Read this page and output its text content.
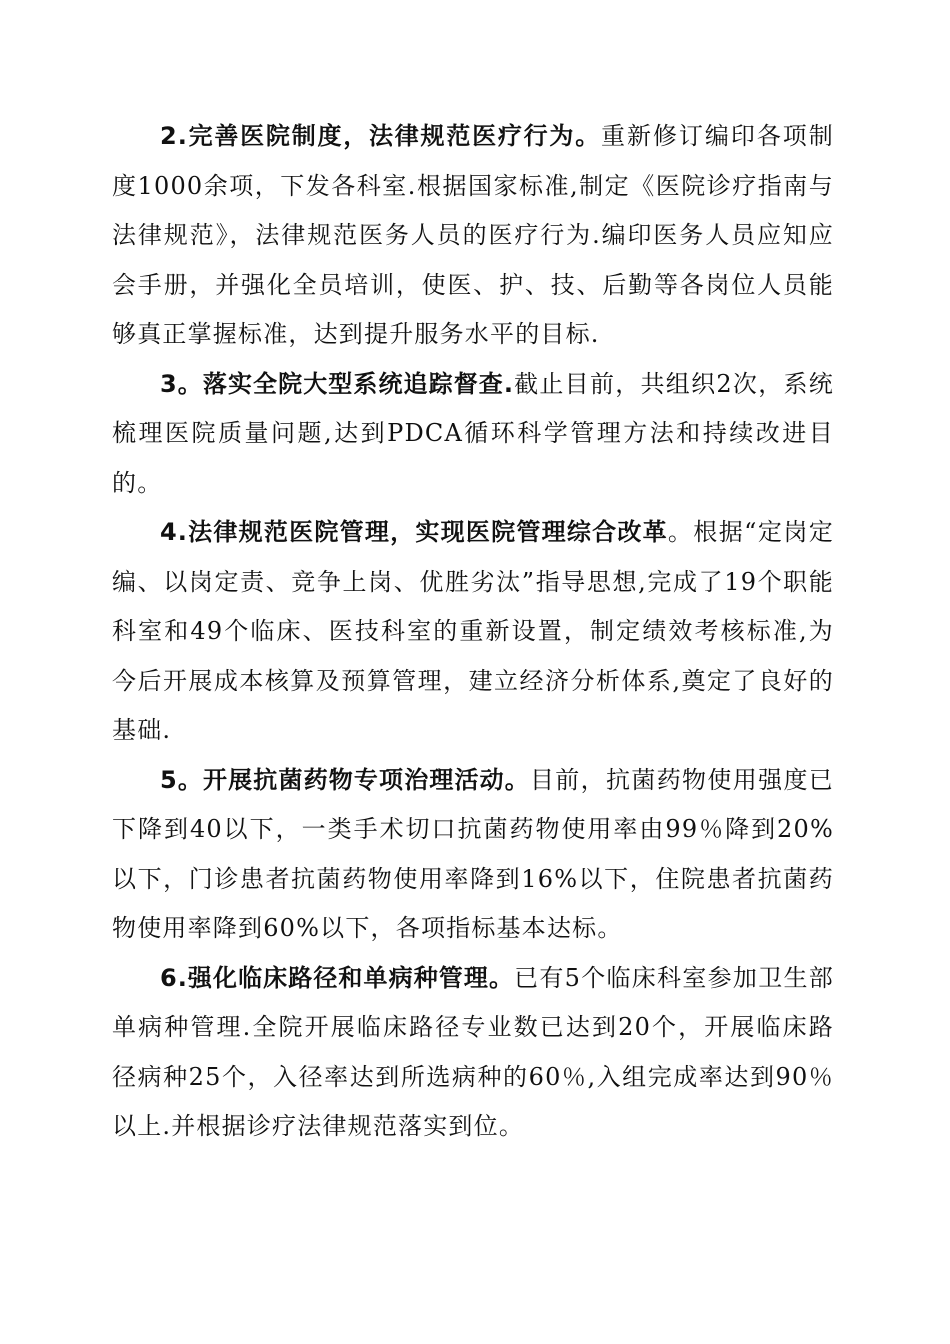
2.完善医院制度，法律规范医疗行为。重新修订编印各项制度1000余项，下发各科室.根据国家标准,制定《医院诊疗指南与法律规范》，法律规范医务人员的医疗行为.编印医务人员应知应会手册，并强化全员培训，使医、护、技、后勤等各岗位人员能够真正掌握标准，达到提升服务水平的目标.

3。落实全院大型系统追踪督查.截止目前，共组织2次，系统梳理医院质量问题,达到PDCA循环科学管理方法和持续改进目的。

4.法律规范医院管理，实现医院管理综合改革。根据“定岗定编、以岗定责、竞争上岗、优胜劣汰”指导思想,完成了19个职能科室和49个临床、医技科室的重新设置，制定绩效考核标准,为今后开展成本核算及预算管理，建立经济分析体系,奠定了良好的基础.

5。开展抗菌药物专项治理活动。目前，抗菌药物使用强度已下降到40以下，一类手术切口抗菌药物使用率由99％降到20%以下，门诊患者抗菌药物使用率降到16%以下，住院患者抗菌药物使用率降到60%以下，各项指标基本达标。

6.强化临床路径和单病种管理。已有5个临床科室参加卫生部单病种管理.全院开展临床路径专业数已达到20个，开展临床路径病种25个，入径率达到所选病种的60％,入组完成率达到90％以上.并根据诊疗法律规范落实到位。
